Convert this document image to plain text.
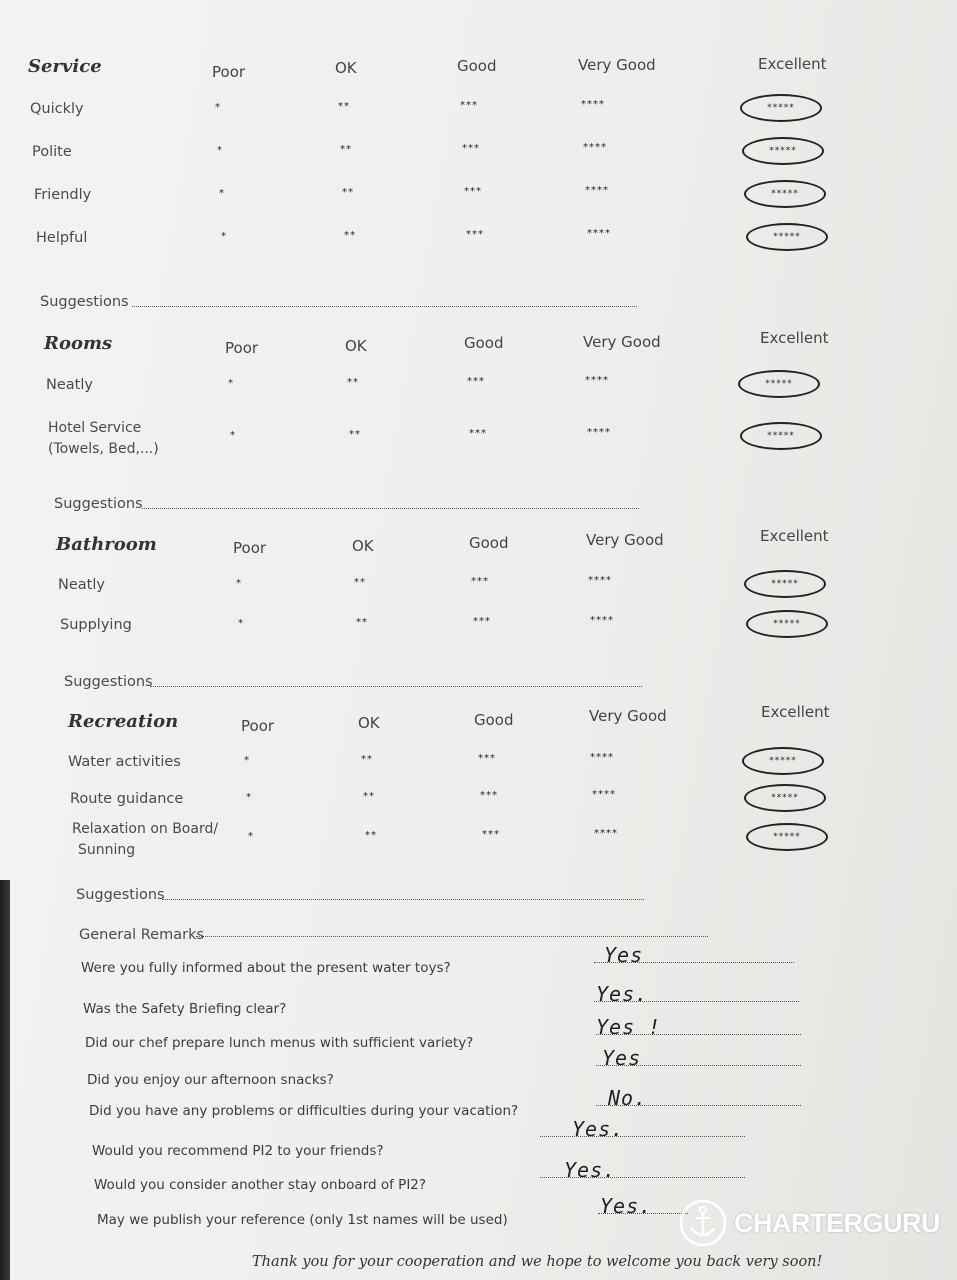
Service	Poor	OK	Good	Very Good	Excellent
Quickly	*	**	***	****	*****
Polite	*	**	***	****	*****
Friendly	*	**	***	****	*****
Helpful	*	**	***	****	*****
Suggestions
Rooms	Poor	OK	Good	Very Good	Excellent
Neatly	*	**	***	****	*****
Hotel Service
(Towels, Bed,...)
*	**	***	****	*****
Suggestions
Bathroom	Poor	OK	Good	Very Good	Excellent
Neatly	*	**	***	****	*****
Supplying	*	**	***	****	*****
Suggestions
Recreation	Poor	OK	Good	Very Good	Excellent
Water activities	*	**	***	****	*****
Route guidance	*	**	***	****	*****
Relaxation on Board/
Sunning
*	**	***	****	*****
Suggestions
General Remarks
Were you fully informed about the present water toys?
Yes
Was the Safety Briefing clear?
Yes.
Did our chef prepare lunch menus with sufficient variety?
Yes !
Did you enjoy our afternoon snacks?
Yes
Did you have any problems or difficulties during your vacation?
No.
Would you recommend PI2 to your friends?
Yes.
Would you consider another stay onboard of PI2?
Yes.
May we publish your reference (only 1st names will be used)
Yes.
Thank you for your cooperation and we hope to welcome you back very soon!
CHARTERGURU
